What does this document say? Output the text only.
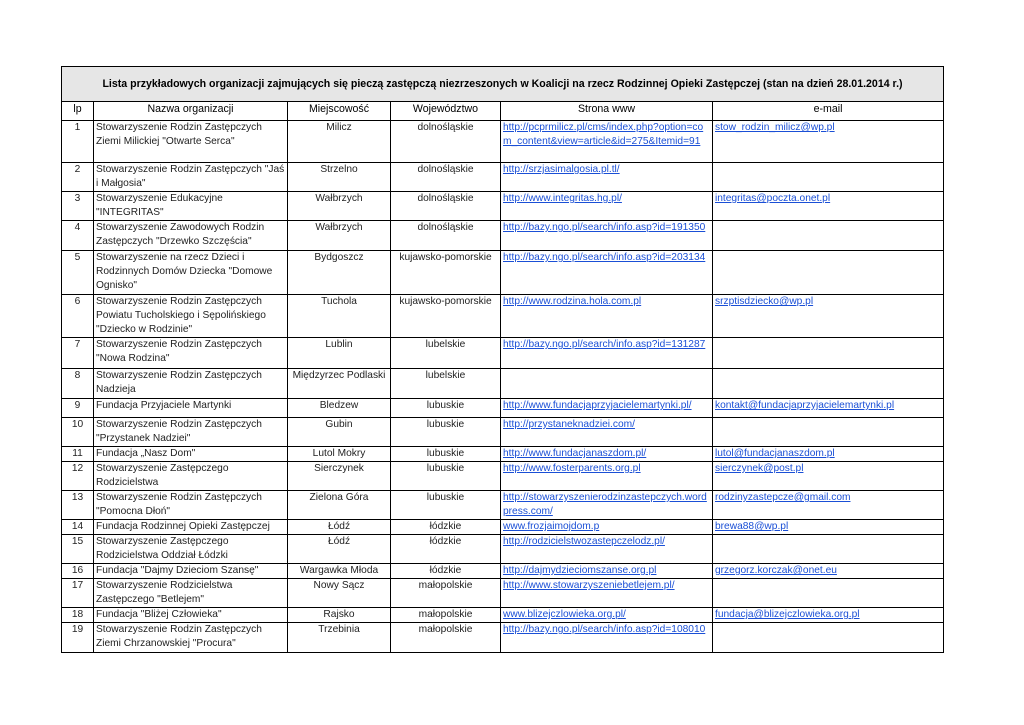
Lista przykładowych organizacji zajmujących się pieczą zastępczą niezrzeszonych w Koalicji na rzecz Rodzinnej Opieki Zastępczej (stan na dzień 28.01.2014 r.)					
lp	Nazwa organizacji	Miejscowość	Województwo	Strona www	e-mail
1	Stowarzyszenie Rodzin Zastępczych Ziemi Milickiej "Otwarte Serca"	Milicz	dolnośląskie	http://pcprmilicz.pl/cms/index.php?option=com_content&view=article&id=275&Itemid=91	stow_rodzin_milicz@wp.pl
2	Stowarzyszenie Rodzin Zastępczych "Jaś i Małgosia"	Strzelno	dolnośląskie	http://srzjasimalgosia.pl.tl/	
3	Stowarzyszenie Edukacyjne "INTEGRITAS"	Wałbrzych	dolnośląskie	http://www.integritas.hg.pl/	integritas@poczta.onet.pl
4	Stowarzyszenie Zawodowych Rodzin Zastępczych "Drzewko Szczęścia"	Wałbrzych	dolnośląskie	http://bazy.ngo.pl/search/info.asp?id=191350	
5	Stowarzyszenie na rzecz Dzieci i Rodzinnych Domów Dziecka "Domowe Ognisko"	Bydgoszcz	kujawsko-pomorskie	http://bazy.ngo.pl/search/info.asp?id=203134	
6	Stowarzyszenie Rodzin Zastępczych Powiatu Tucholskiego i Sępolińskiego "Dziecko w Rodzinie"	Tuchola	kujawsko-pomorskie	http://www.rodzina.hola.com.pl	srzptisdziecko@wp.pl
7	Stowarzyszenie Rodzin Zastępczych "Nowa Rodzina"	Lublin	lubelskie	http://bazy.ngo.pl/search/info.asp?id=131287	
8	Stowarzyszenie Rodzin Zastępczych Nadzieja	Międzyrzec Podlaski	lubelskie		
9	Fundacja Przyjaciele Martynki	Bledzew	lubuskie	http://www.fundacjaprzyjacielemartynki.pl/	kontakt@fundacjaprzyjacielemartynki.pl
10	Stowarzyszenie Rodzin Zastępczych "Przystanek Nadziei"	Gubin	lubuskie	http://przystaneknadziei.com/	
11	Fundacja „Nasz Dom"	Lutol Mokry	lubuskie	http://www.fundacjanaszdom.pl/	lutol@fundacjanaszdom.pl
12	Stowarzyszenie Zastępczego Rodzicielstwa	Sierczynek	lubuskie	http://www.fosterparents.org.pl	sierczynek@post.pl
13	Stowarzyszenie Rodzin Zastępczych "Pomocna Dłoń"	Zielona Góra	lubuskie	http://stowarzyszenierodzinzastepczych.wordpress.com/	rodzinyzastepcze@gmail.com
14	Fundacja Rodzinnej Opieki Zastępczej	Łódź	łódzkie	www.frozjaimojdom.p	brewa88@wp.pl
15	Stowarzyszenie Zastępczego Rodzicielstwa Oddział Łódzki	Łódź	łódzkie	http://rodzicielstwozastepczelodz.pl/	
16	Fundacja "Dajmy Dzieciom Szansę"	Wargawka Młoda	łódzkie	http://dajmydzieciomszanse.org.pl	grzegorz.korczak@onet.eu
17	Stowarzyszenie Rodzicielstwa Zastępczego "Betlejem"	Nowy Sącz	małopolskie	http://www.stowarzyszeniebetlejem.pl/	
18	Fundacja "Bliżej Człowieka"	Rajsko	małopolskie	www.blizejczlowieka.org.pl/	fundacja@blizejczlowieka.org.pl
19	Stowarzyszenie Rodzin Zastępczych Ziemi Chrzanowskiej "Procura"	Trzebinia	małopolskie	http://bazy.ngo.pl/search/info.asp?id=108010	
